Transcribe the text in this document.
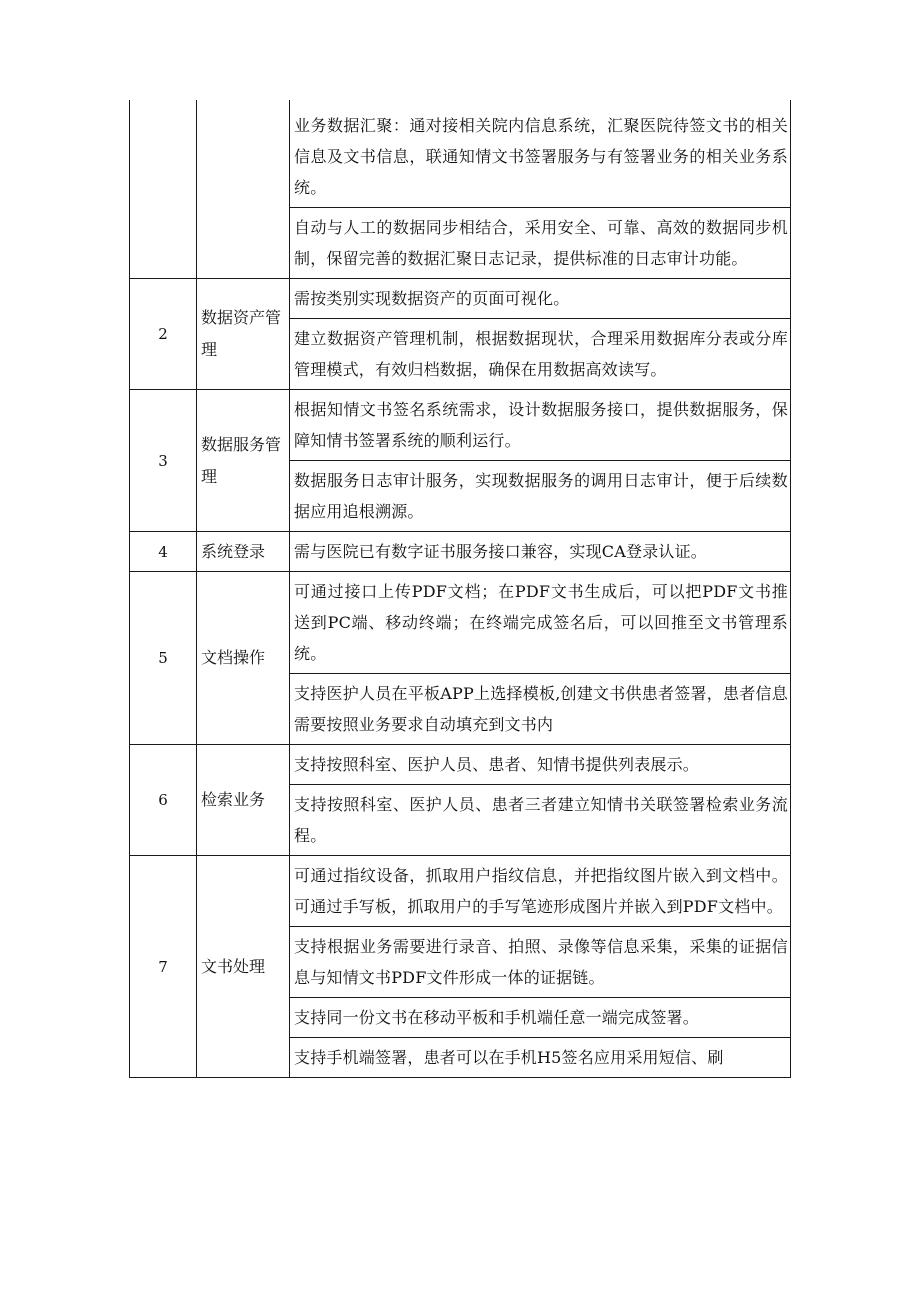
		业务数据汇聚：通对接相关院内信息系统，汇聚医院待签文书的相关信息及文书信息，联通知情文书签署服务与有签署业务的相关业务系统。
		自动与人工的数据同步相结合，采用安全、可靠、高效的数据同步机制，保留完善的数据汇聚日志记录，提供标准的日志审计功能。
2	数据资产管理	需按类别实现数据资产的页面可视化。
		建立数据资产管理机制，根据数据现状，合理采用数据库分表或分库管理模式，有效归档数据，确保在用数据高效读写。
3	数据服务管理	根据知情文书签名系统需求，设计数据服务接口，提供数据服务，保障知情书签署系统的顺利运行。
		数据服务日志审计服务，实现数据服务的调用日志审计，便于后续数据应用追根溯源。
4	系统登录	需与医院已有数字证书服务接口兼容，实现CA登录认证。
5	文档操作	可通过接口上传PDF文档；在PDF文书生成后，可以把PDF文书推送到PC端、移动终端；在终端完成签名后，可以回推至文书管理系统。
		支持医护人员在平板APP上选择模板,创建文书供患者签署，患者信息需要按照业务要求自动填充到文书内
6	检索业务	支持按照科室、医护人员、患者、知情书提供列表展示。
		支持按照科室、医护人员、患者三者建立知情书关联签署检索业务流程。
7	文书处理	可通过指纹设备，抓取用户指纹信息，并把指纹图片嵌入到文档中。可通过手写板，抓取用户的手写笔迹形成图片并嵌入到PDF文档中。
		支持根据业务需要进行录音、拍照、录像等信息采集，采集的证据信息与知情文书PDF文件形成一体的证据链。
		支持同一份文书在移动平板和手机端任意一端完成签署。
		支持手机端签署，患者可以在手机H5签名应用采用短信、刷
